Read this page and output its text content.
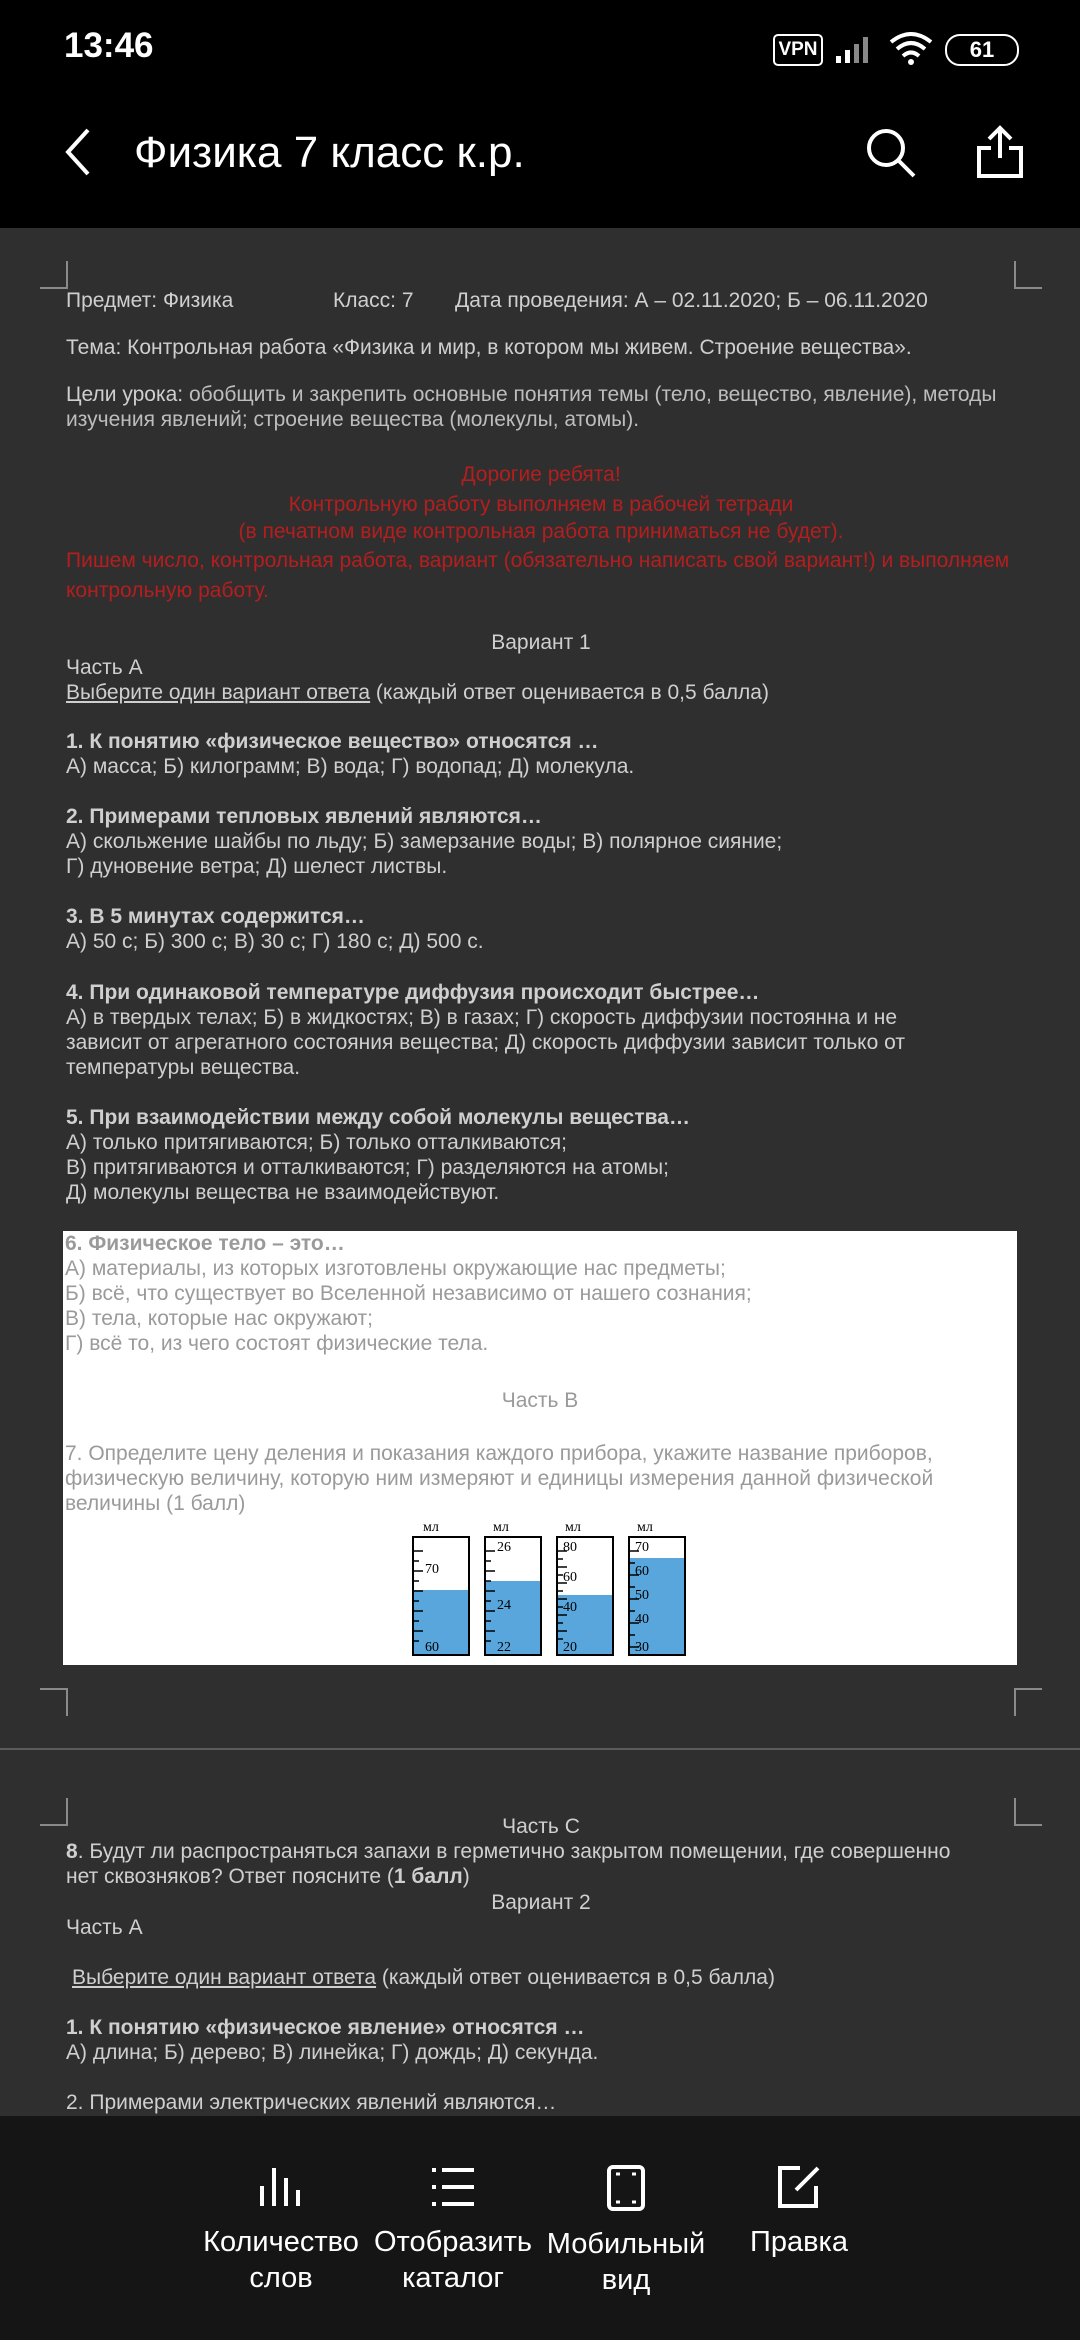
13:46	VPN	61
Физика 7 класс к.р.
Предмет: Физика	Класс: 7 Дата проведения: А – 02.11.2020; Б – 06.11.2020
Тема: Контрольная работа «Физика и мир, в котором мы живем. Строение вещества».
Цели урока: обобщить и закрепить основные понятия темы (тело, вещество, явление), методы изучения явлений; строение вещества (молекулы, атомы).
Дорогие ребята!
Контрольную работу выполняем в рабочей тетради
(в печатном виде контрольная работа приниматься не будет).
Пишем число, контрольная работа, вариант (обязательно написать свой вариант!) и выполняем контрольную работу.
Вариант 1
Часть А
Выберите один вариант ответа (каждый ответ оценивается в 0,5 балла)
1. К понятию «физическое вещество» относятся …
А) масса; Б) килограмм; В) вода; Г) водопад; Д) молекула.
2. Примерами тепловых явлений являются…
А) скольжение шайбы по льду; Б) замерзание воды; В) полярное сияние;
Г) дуновение ветра; Д) шелест листвы.
3. В 5 минутах содержится…
А) 50 с; Б) 300 с; В) 30 с; Г) 180 с; Д) 500 с.
4. При одинаковой температуре диффузия происходит быстрее…
А) в твердых телах; Б) в жидкостях; В) в газах; Г) скорость диффузии постоянна и не
зависит от агрегатного состояния вещества; Д) скорость диффузии зависит только от
температуры вещества.
5. При взаимодействии между собой молекулы вещества…
А) только притягиваются; Б) только отталкиваются;
В) притягиваются и отталкиваются; Г) разделяются на атомы;
Д) молекулы вещества не взаимодействуют.
6. Физическое тело – это…
А) материалы, из которых изготовлены окружающие нас предметы;
Б) всё, что существует во Вселенной независимо от нашего сознания;
В) тела, которые нас окружают;
Г) всё то, из чего состоят физические тела.
Часть В
7. Определите цену деления и показания каждого прибора, укажите название приборов,
физическую величину, которую ним измеряют и единицы измерения данной физической
величины (1 балл)
мл
70
60
мл
26
24
22
мл
80
60
40
20
мл
70
60
50
40
30
Часть С
8. Будут ли распространяться запахи в герметично закрытом помещении, где совершенно
нет сквозняков? Ответ поясните (1 балл)
Вариант 2
Часть А
Выберите один вариант ответа (каждый ответ оценивается в 0,5 балла)
1. К понятию «физическое явление» относятся …
А) длина; Б) дерево; В) линейка; Г) дождь; Д) секунда.
2. Примерами электрических явлений являются…
Количество
слов
Отобразить
каталог
Мобильный
вид
Правка
